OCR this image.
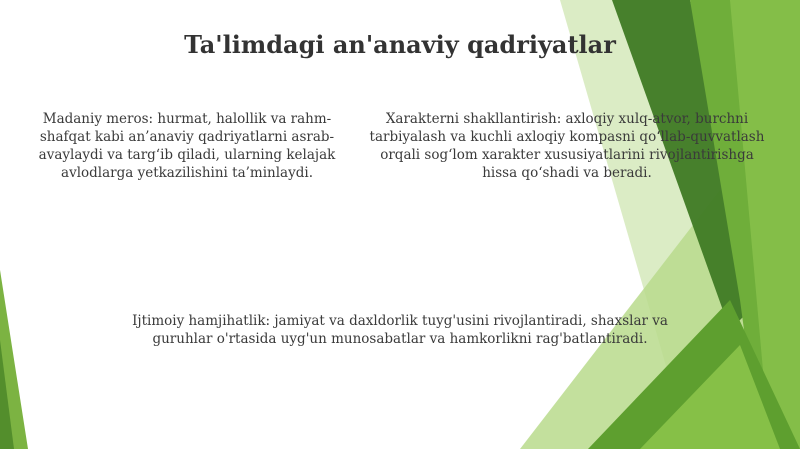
Ta'limdagi an'anaviy qadriyatlar
Madaniy meros: hurmat, halollik va rahm-shafqat kabi an’anaviy qadriyatlarni asrab-avaylaydi va targ‘ib qiladi, ularning kelajak avlodlarga yetkazilishini ta’minlaydi.
Xarakterni shakllantirish: axloqiy xulq-atvor, burchni tarbiyalash va kuchli axloqiy kompasni qo‘llab-quvvatlash orqali sog‘lom xarakter xususiyatlarini rivojlantirishga hissa qo‘shadi va beradi.
Ijtimoiy hamjihatlik: jamiyat va daxldorlik tuyg'usini rivojlantiradi, shaxslar va guruhlar o'rtasida uyg'un munosabatlar va hamkorlikni rag'batlantiradi.
